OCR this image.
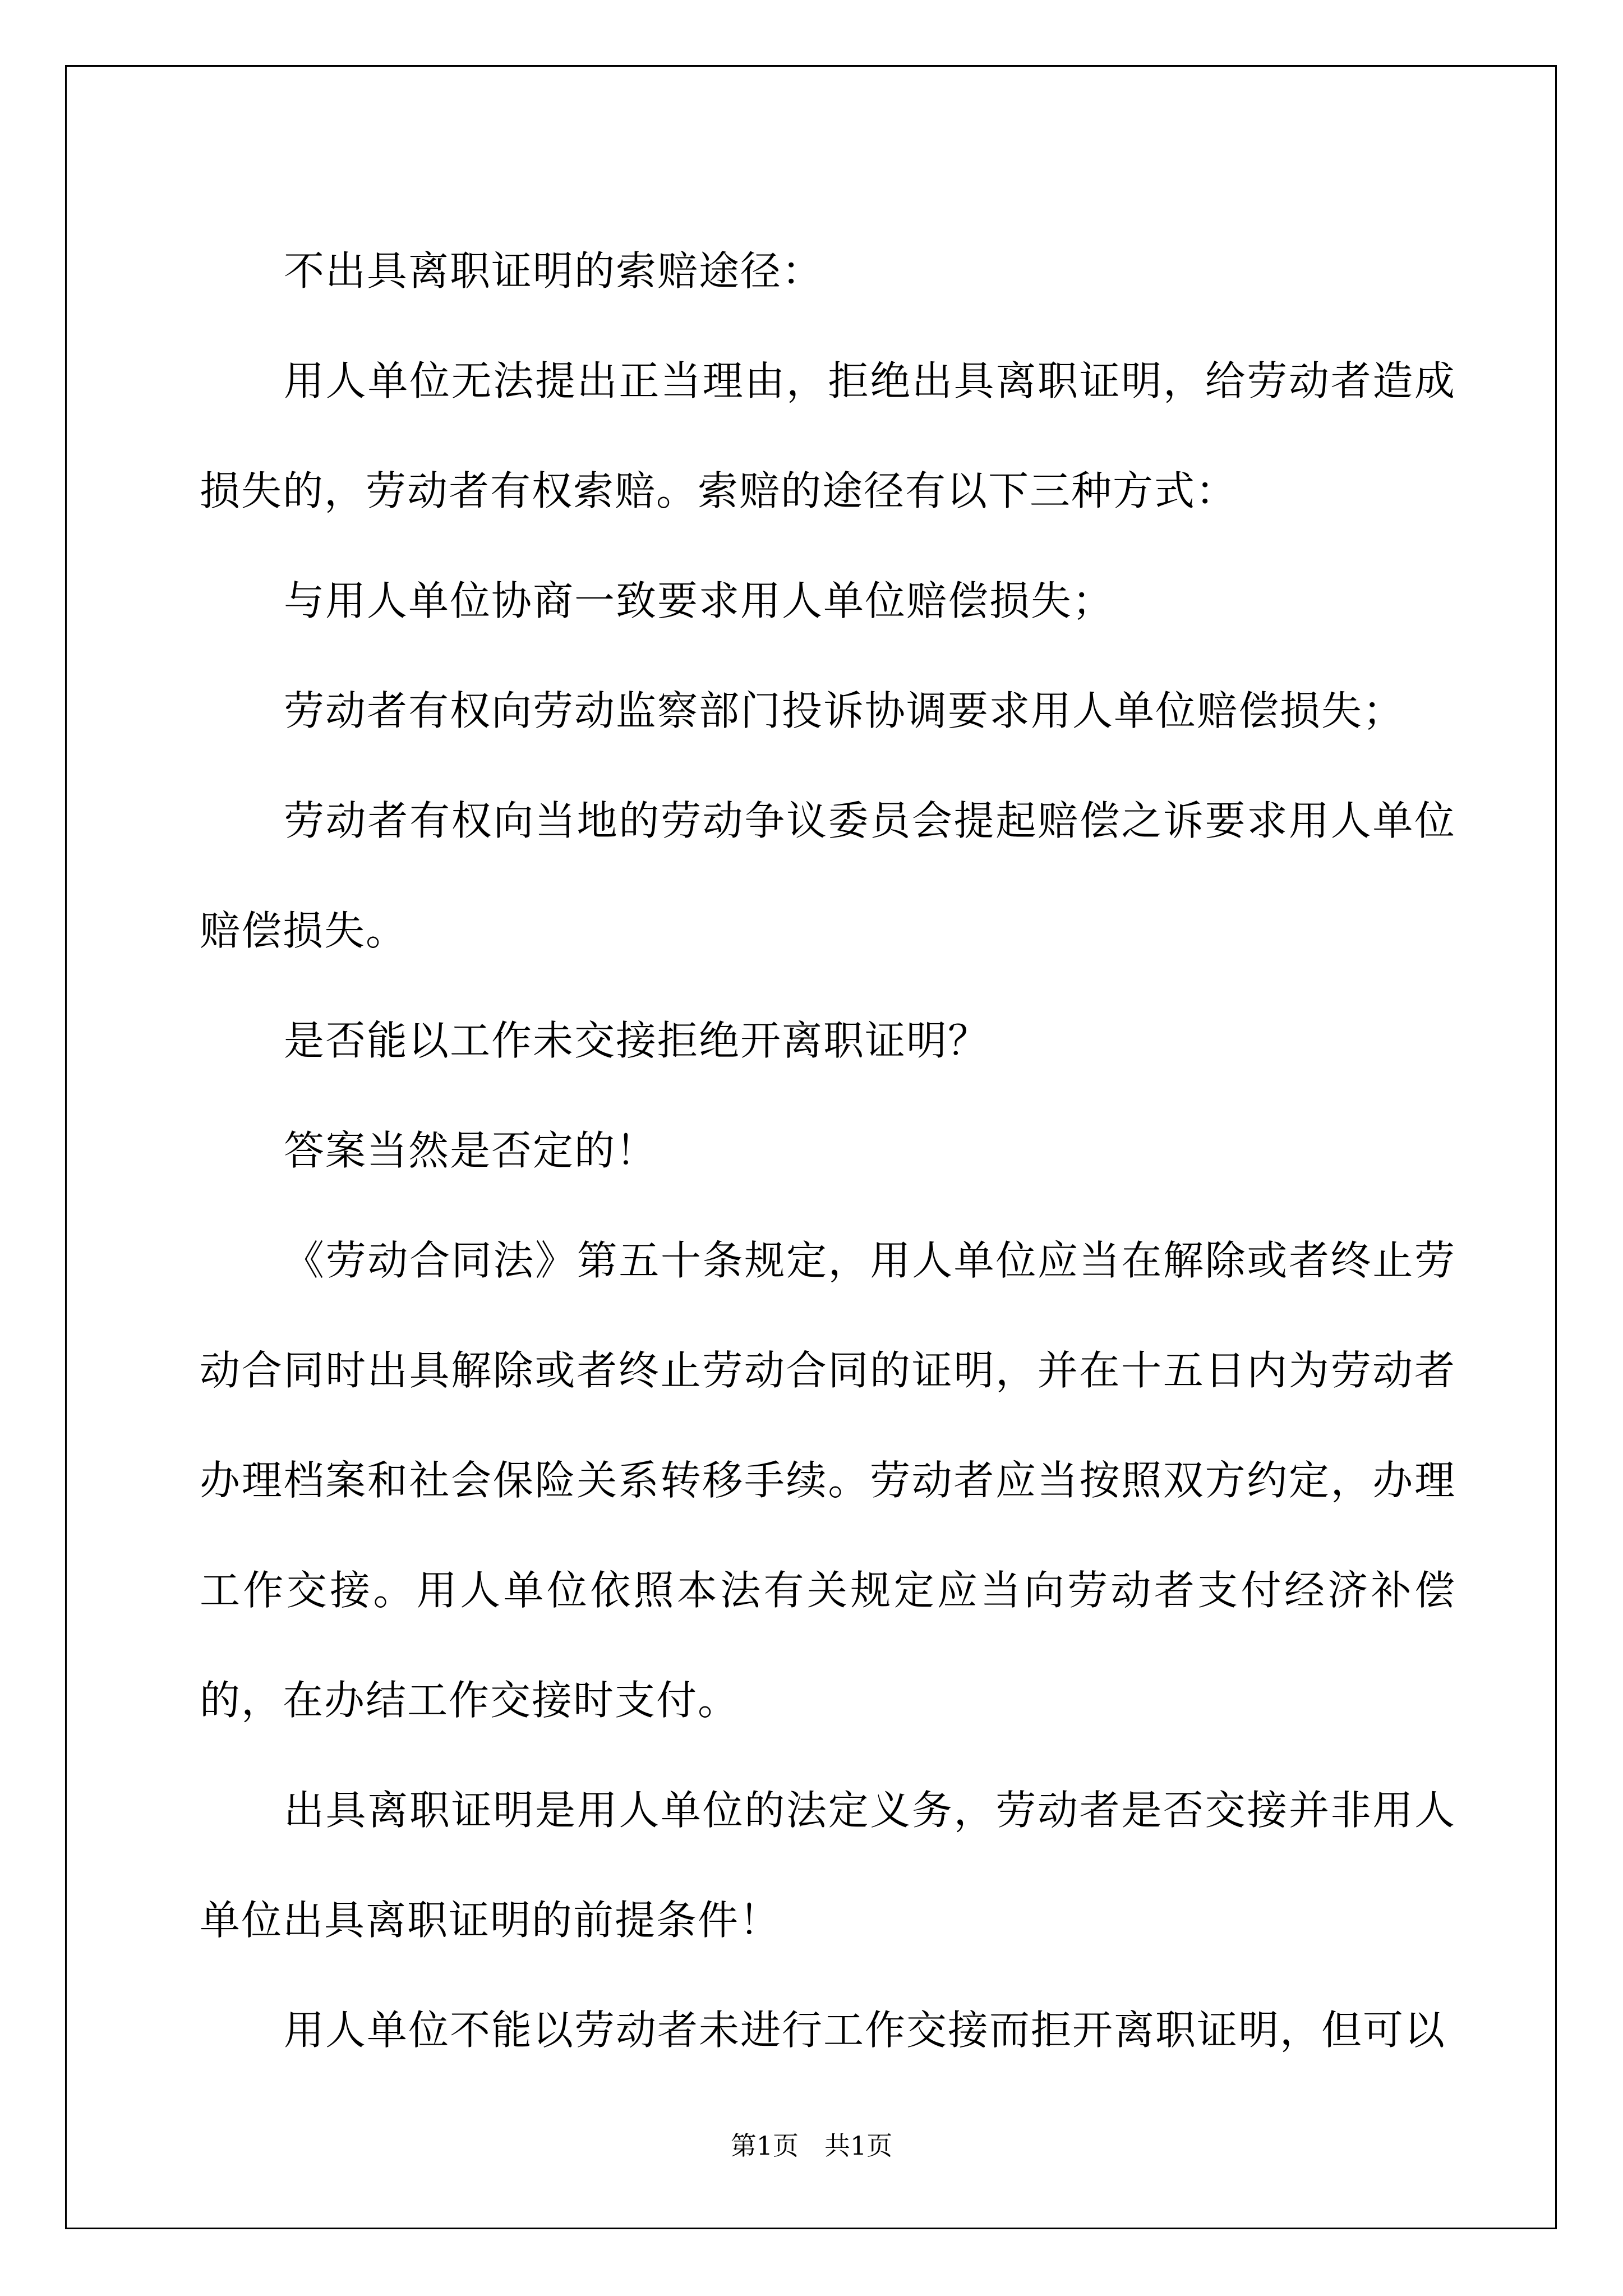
不出具离职证明的索赔途径：

用人单位无法提出正当理由，拒绝出具离职证明，给劳动者造成损失的，劳动者有权索赔。索赔的途径有以下三种方式：

与用人单位协商一致要求用人单位赔偿损失；

劳动者有权向劳动监察部门投诉协调要求用人单位赔偿损失；

劳动者有权向当地的劳动争议委员会提起赔偿之诉要求用人单位赔偿损失。

是否能以工作未交接拒绝开离职证明？

答案当然是否定的！

《劳动合同法》第五十条规定，用人单位应当在解除或者终止劳动合同时出具解除或者终止劳动合同的证明，并在十五日内为劳动者办理档案和社会保险关系转移手续。劳动者应当按照双方约定，办理工作交接。用人单位依照本法有关规定应当向劳动者支付经济补偿的，在办结工作交接时支付。

出具离职证明是用人单位的法定义务，劳动者是否交接并非用人单位出具离职证明的前提条件！

用人单位不能以劳动者未进行工作交接而拒开离职证明，但可以

第1页　共1页
